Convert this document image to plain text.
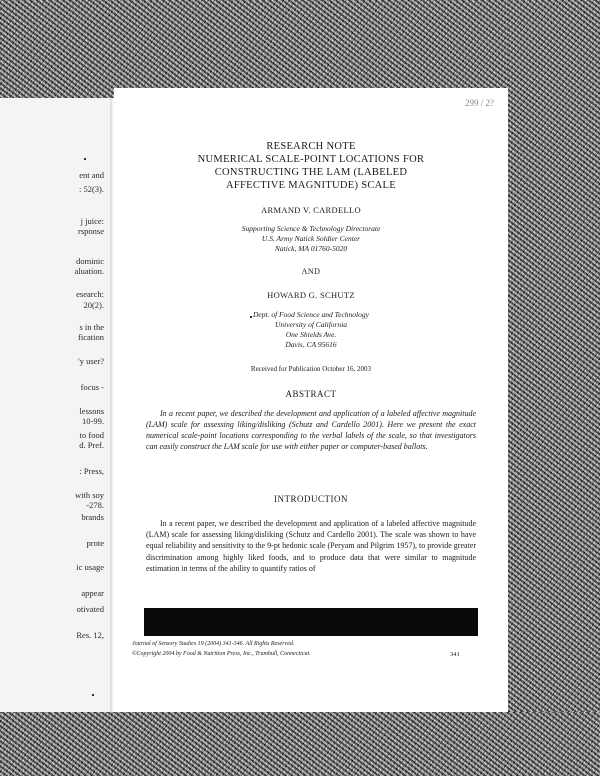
ent and
: 52(3).
j juice:
rsponse
dominic
aluation.
esearch:
20(2).
s in the
fication
'y user?
focus -
lessons
10-99.
to food
d. Pref.
: Press,
with soy
-278.
brands
prote
ic usage
appear
otivated
Res. 12,
299 / 2?
RESEARCH NOTE
NUMERICAL SCALE-POINT LOCATIONS FOR
CONSTRUCTING THE LAM (LABELED
AFFECTIVE MAGNITUDE) SCALE
ARMAND V. CARDELLO
Supporting Science & Technology Directorate
U.S. Army Natick Soldier Center
Natick, MA 01760-5020
AND
HOWARD G. SCHUTZ
Dept. of Food Science and Technology
University of California
One Shields Ave.
Davis, CA 95616
Received for Publication October 16, 2003
ABSTRACT
In a recent paper, we described the development and application of a labeled affective magnitude (LAM) scale for assessing liking/disliking (Schutz and Cardello 2001). Here we present the exact numerical scale-point locations corresponding to the verbal labels of the scale, so that investigators can easily construct the LAM scale for use with either paper or computer-based ballots.
INTRODUCTION
In a recent paper, we described the development and application of a labeled affective magnitude (LAM) scale for assessing liking/disliking (Schutz and Cardello 2001). The scale was shown to have equal reliability and sensitivity to the 9-pt hedonic scale (Peryam and Pilgrim 1957), to provide greater discrimination among highly liked foods, and to produce data that were similar to magnitude estimation in terms of the ability to quantify ratios of
Journal of Sensory Studies 19 (2004) 341-346. All Rights Reserved.
©Copyright 2004 by Food & Nutrition Press, Inc., Trumbull, Connecticut.	341
